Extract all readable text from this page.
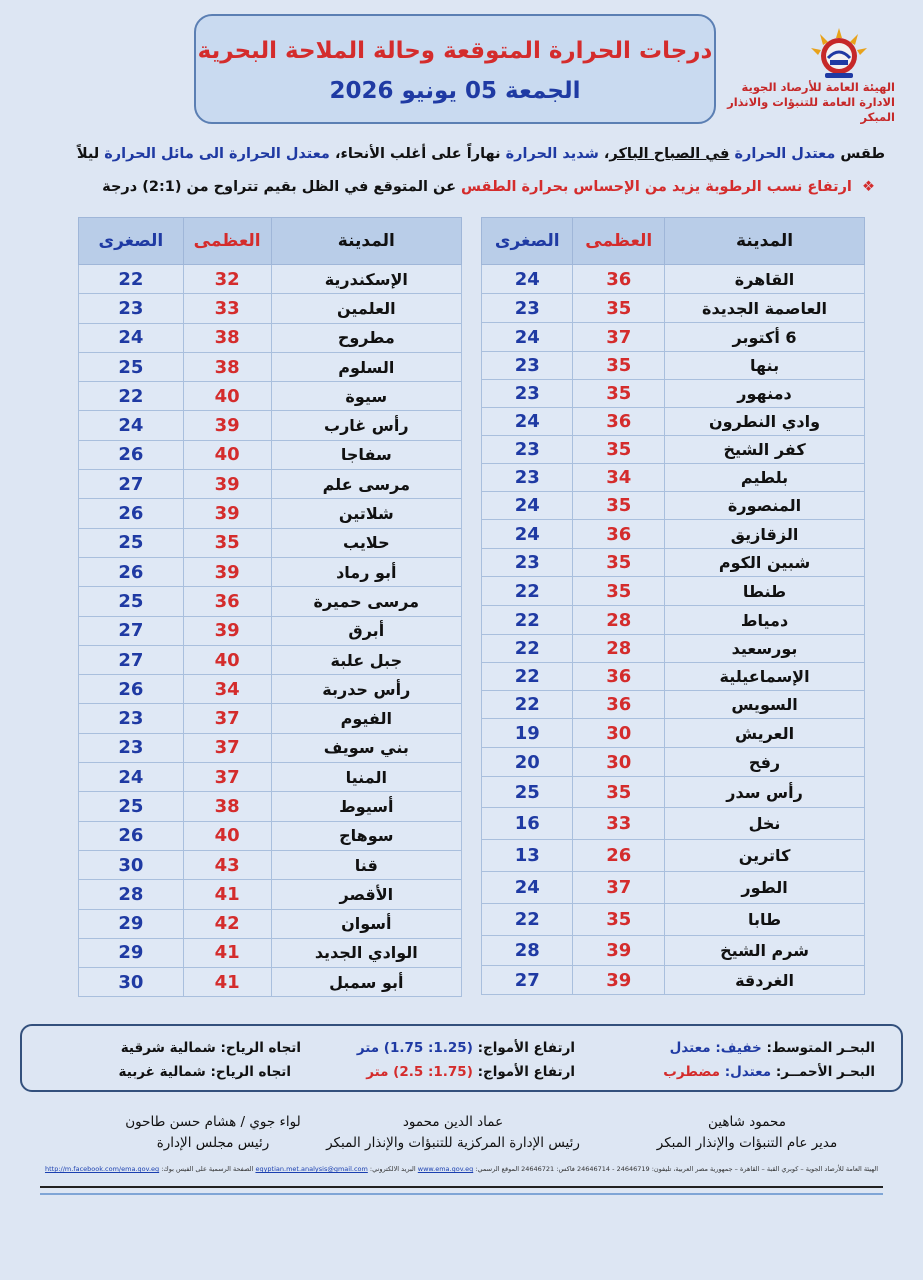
درجات الحرارة المتوقعة وحالة الملاحة البحرية
الجمعة 05 يونيو 2026	الهيئة العامة للأرصاد الجوية
الادارة العامة للتنبؤات والانذار المبكر
طقس معتدل الحرارة في الصباح الباكر، شديد الحرارة نهاراً على أغلب الأنحاء، معتدل الحرارة الى مائل الحرارة ليلاً
❖  ارتفاع نسب الرطوبة يزيد من الإحساس بحرارة الطقس عن المتوقع في الظل بقيم تتراوح من (2:1) درجة
المدينة	العظمى	الصغرى
القاهرة	36	24
العاصمة الجديدة	35	23
6 أكتوبر	37	24
بنها	35	23
دمنهور	35	23
وادي النطرون	36	24
كفر الشيخ	35	23
بلطيم	34	23
المنصورة	35	24
الزقازيق	36	24
شبين الكوم	35	23
طنطا	35	22
دمياط	28	22
بورسعيد	28	22
الإسماعيلية	36	22
السويس	36	22
العريش	30	19
رفح	30	20
رأس سدر	35	25
نخل	33	16
كاترين	26	13
الطور	37	24
طابا	35	22
شرم الشيخ	39	28
الغردقة	39	27
المدينة	العظمى	الصغرى
الإسكندرية	32	22
العلمين	33	23
مطروح	38	24
السلوم	38	25
سيوة	40	22
رأس غارب	39	24
سفاجا	40	26
مرسى علم	39	27
شلاتين	39	26
حلايب	35	25
أبو رماد	39	26
مرسى حميرة	36	25
أبرق	39	27
جبل علبة	40	27
رأس حدربة	34	26
الفيوم	37	23
بني سويف	37	23
المنيا	37	24
أسيوط	38	25
سوهاج	40	26
قنا	43	30
الأقصر	41	28
أسوان	42	29
الوادي الجديد	41	29
أبو سمبل	41	30
البحـر المتوسط: خفيف: معتدل
ارتفاع الأمواج: (1.25: 1.75) متر
اتجاه الرياح: شمالية شرقية
البحـر الأحمــر: معتدل: مضطرب
ارتفاع الأمواج: (1.75: 2.5) متر
اتجاه الرياح: شمالية غربية
محمود شاهين
مدير عام التنبؤات والإنذار المبكر
عماد الدين محمود
رئيس الإدارة المركزية للتنبؤات والإنذار المبكر
لواء جوي / هشام حسن طاحون
رئيس مجلس الإدارة
الهيئة العامة للأرصاد الجوية – كوبري القبة – القاهرة – جمهورية مصر العربية، تليفون: 24646719 - 24646714 فاكس: 24646721 الموقع الرسمي: www.ema.gov.eg البريد الالكتروني: egyptian.met.analysis@gmail.com الصفحة الرسمية على الفيس بوك: http://m.facebook.com/ema.gov.eg
